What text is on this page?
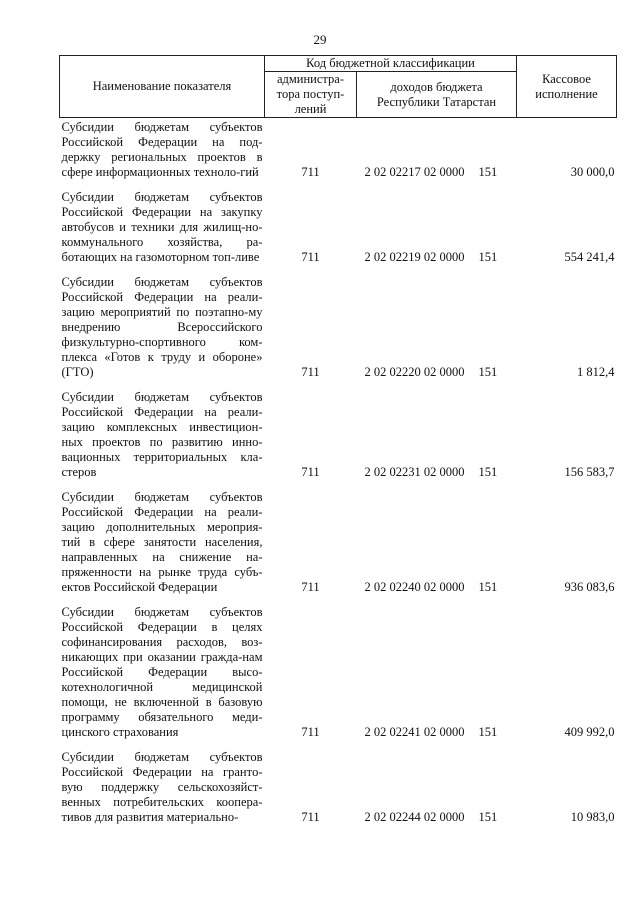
29
Наименование показателя	Код бюджетной классификации		Кассовое исполнение
	администра-тора поступ-лений	доходов бюджета Республики Татарстан	
Субсидии бюджетам субъектов Российской Федерации на под-держку региональных проектов в сфере информационных техноло-гий	711	2 02 02217 02 0000 151	30 000,0

Субсидии бюджетам субъектов Российской Федерации на закупку автобусов и техники для жилищ-но-коммунального хозяйства, ра-ботающих на газомоторном топ-ливе	711	2 02 02219 02 0000 151	554 241,4

Субсидии бюджетам субъектов Российской Федерации на реали-зацию мероприятий по поэтапно-му внедрению Всероссийского физкультурно-спортивного ком-плекса «Готов к труду и обороне» (ГТО)	711	2 02 02220 02 0000 151	1 812,4

Субсидии бюджетам субъектов Российской Федерации на реали-зацию комплексных инвестицион-ных проектов по развитию инно-вационных территориальных кла-стеров	711	2 02 02231 02 0000 151	156 583,7

Субсидии бюджетам субъектов Российской Федерации на реали-зацию дополнительных мероприя-тий в сфере занятости населения, направленных на снижение на-пряженности на рынке труда субъ-ектов Российской Федерации	711	2 02 02240 02 0000 151	936 083,6

Субсидии бюджетам субъектов Российской Федерации в целях софинансирования расходов, воз-никающих при оказании граждa-нам Российской Федерации высо-котехнологичной медицинской помощи, не включенной в базовую программу обязательного меди-цинского страхования	711	2 02 02241 02 0000 151	409 992,0

Субсидии бюджетам субъектов Российской Федерации на грантo-вую поддержку сельскохозяйст-венных потребительских коопера-тивов для развития материально-	711	2 02 02244 02 0000 151	10 983,0
